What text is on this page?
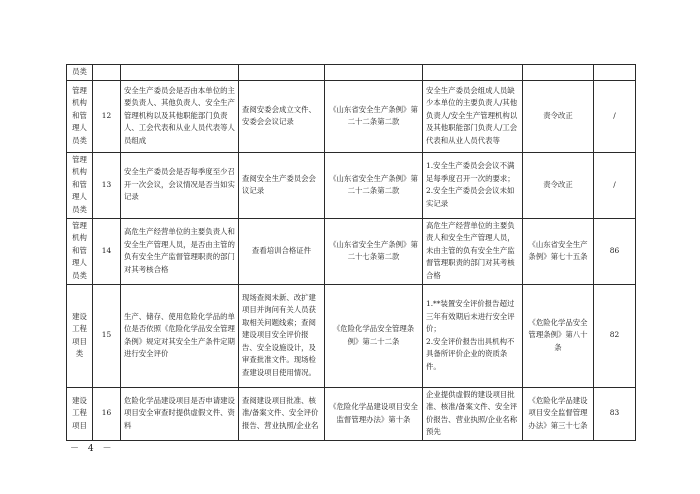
员类							
管理机构和管理人员类	12	安全生产委员会是否由本单位的主要负责人、其他负责人、安全生产管理机构以及其他职能部门负责人、工会代表和从业人员代表等人员组成	查阅安委会成立文件、安委会会议记录	《山东省安全生产条例》第二十二条第二款	安全生产委员会组成人员缺少本单位的主要负责人/其他负责人/安全生产管理机构以及其他职能部门负责人/工会代表和从业人员代表等	责令改正	/
管理机构和管理人员类	13	安全生产委员会是否每季度至少召开一次会议，会议情况是否当如实记录	查阅安全生产委员会会议记录	《山东省安全生产条例》第二十二条第二款	1.安全生产委员会会议不满足每季度召开一次的要求；
2.安全生产委员会会议未如实记录	责令改正	/
管理机构和管理人员类	14	高危生产经营单位的主要负责人和安全生产管理人员，是否由主管的负有安全生产监督管理职责的部门对其考核合格	查看培训合格证件	《山东省安全生产条例》第二十七条第二款	高危生产经营单位的主要负责人和安全生产管理人员，未由主管的负有安全生产监督管理职责的部门对其考核合格	《山东省安全生产条例》第七十五条	86
建设工程项目类	15	生产、储存、使用危险化学品的单位是否依照《危险化学品安全管理条例》规定对其安全生产条件定期进行安全评价	现场查阅未新、改扩建项目并询问有关人员获取相关问题线索；查阅建设项目安全评价报告、安全设施设计，及审查批准文件。现场检查建设项目使用情况。	《危险化学品安全管理条例》第二十二条	1.**装置安全评价报告超过三年有效期后未进行安全评价；
2.安全评价报告出具机构不具备所评价企业的资质条件。	《危险化学品安全管理条例》第八十条	82
建设工程项目	16	危险化学品建设项目是否申请建设项目安全审查时提供虚假文件、资料	查阅建设项目批准、核准/备案文件、安全评价报告、营业执照/企业名	《危险化学品建设项目安全监督管理办法》第十条	企业提供虚假的建设项目批准、核准/备案文件、安全评价报告、营业执照/企业名称预先	《危险化学品建设项目安全监督管理办法》第三十七条	83
－ 4 －
